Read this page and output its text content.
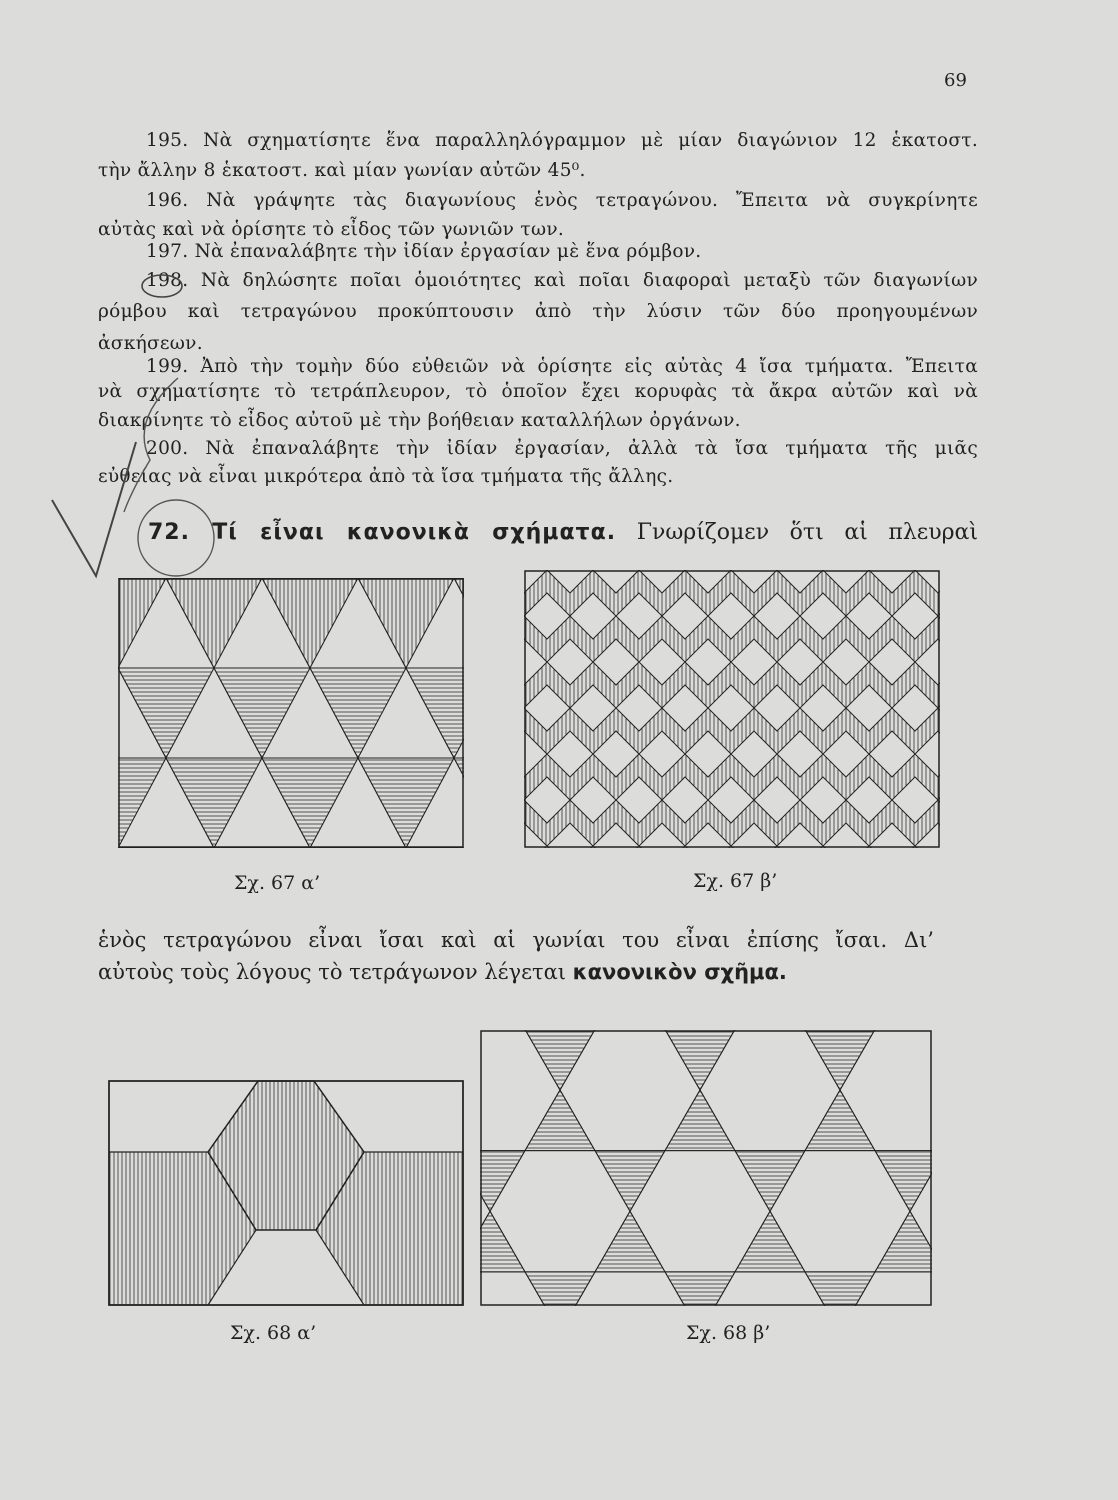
69
195. Νὰ σχηματίσητε ἕνα παραλληλόγραμμον μὲ μίαν διαγώνιον 12 ἑκατοστ.
τὴν ἄλλην 8 ἑκατοστ. καὶ μίαν γωνίαν αὐτῶν 45⁰.
196. Νὰ γράψητε τὰς διαγωνίους ἑνὸς τετραγώνου. Ἔπειτα νὰ συγκρίνητε
αὐτὰς καὶ νὰ ὁρίσητε τὸ εἶδος τῶν γωνιῶν των.
197. Νὰ ἐπαναλάβητε τὴν ἰδίαν ἐργασίαν μὲ ἕνα ρόμβον.
198. Νὰ δηλώσητε ποῖαι ὁμοιότητες καὶ ποῖαι διαφοραὶ μεταξὺ τῶν διαγωνίων
ρόμβου καὶ τετραγώνου προκύπτουσιν ἀπὸ τὴν λύσιν τῶν δύο προηγουμένων
ἀσκήσεων.
199. Ἀπὸ τὴν τομὴν δύο εὐθειῶν νὰ ὁρίσητε εἰς αὐτὰς 4 ἴσα τμήματα. Ἔπειτα
νὰ σχηματίσητε τὸ τετράπλευρον, τὸ ὁποῖον ἔχει κορυφὰς τὰ ἄκρα αὐτῶν καὶ νὰ
διακρίνητε τὸ εἶδος αὐτοῦ μὲ τὴν βοήθειαν καταλλήλων ὀργάνων.
200. Νὰ ἐπαναλάβητε τὴν ἰδίαν ἐργασίαν, ἀλλὰ τὰ ἴσα τμήματα τῆς μιᾶς
εὐθείας νὰ εἶναι μικρότερα ἀπὸ τὰ ἴσα τμήματα τῆς ἄλλης.
72. Τί εἶναι κανονικὰ σχήματα. Γνωρίζομεν ὅτι αἱ πλευραὶ
Σχ. 67 α’	Σχ. 67 β’
ἑνὸς τετραγώνου εἶναι ἴσαι καὶ αἱ γωνίαι του εἶναι ἐπίσης ἴσαι. Δι’
αὐτοὺς τοὺς λόγους τὸ τετράγωνον λέγεται κανονικὸν σχῆμα.
Σχ. 68 α’	Σχ. 68 β’
